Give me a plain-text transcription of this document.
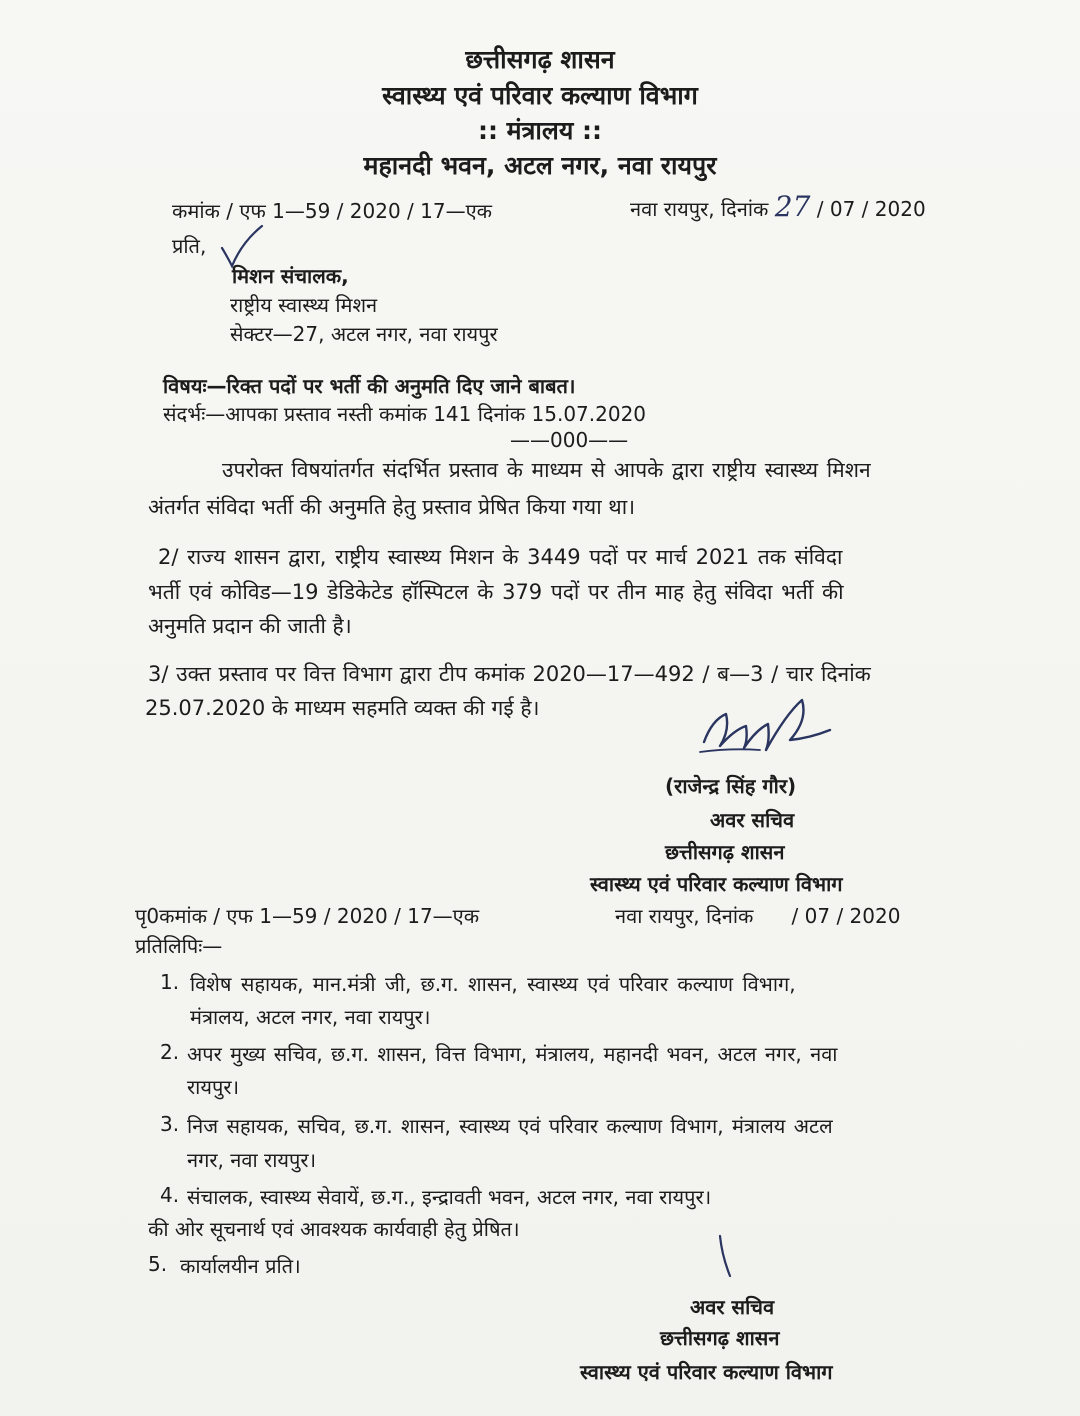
छत्तीसगढ़ शासन
स्वास्थ्य एवं परिवार कल्याण विभाग
:: मंत्रालय ::
महानदी भवन, अटल नगर, नवा रायपुर
कमांक / एफ 1—59 / 2020 / 17—एक	नवा रायपुर, दिनांक 27 / 07 / 2020
प्रति,
मिशन संचालक,
राष्ट्रीय स्वास्थ्य मिशन
सेक्टर—27, अटल नगर, नवा रायपुर
विषयः—रिक्त पदों पर भर्ती की अनुमति दिए जाने बाबत।
संदर्भः—आपका प्रस्ताव नस्ती कमांक 141 दिनांक 15.07.2020
——000——
उपरोक्त विषयांतर्गत संदर्भित प्रस्ताव के माध्यम से आपके द्वारा राष्ट्रीय स्वास्थ्य मिशन
अंतर्गत संविदा भर्ती की अनुमति हेतु प्रस्ताव प्रेषित किया गया था।
2/ राज्य शासन द्वारा, राष्ट्रीय स्वास्थ्य मिशन के 3449 पदों पर मार्च 2021 तक संविदा
भर्ती एवं कोविड—19 डेडिकेटेड हॉस्पिटल के 379 पदों पर तीन माह हेतु संविदा भर्ती की
अनुमति प्रदान की जाती है।
3/ उक्त प्रस्ताव पर वित्त विभाग द्वारा टीप कमांक 2020—17—492 / ब—3 / चार दिनांक
25.07.2020 के माध्यम सहमति व्यक्त की गई है।
(राजेन्द्र सिंह गौर)
अवर सचिव
छत्तीसगढ़ शासन
स्वास्थ्य एवं परिवार कल्याण विभाग
पृ0कमांक / एफ 1—59 / 2020 / 17—एक	नवा रायपुर, दिनांक      / 07 / 2020
प्रतिलिपिः—
1. विशेष सहायक, मान.मंत्री जी, छ.ग. शासन, स्वास्थ्य एवं परिवार कल्याण विभाग,
मंत्रालय, अटल नगर, नवा रायपुर।
2. अपर मुख्य सचिव, छ.ग. शासन, वित्त विभाग, मंत्रालय, महानदी भवन, अटल नगर, नवा
रायपुर।
3. निज सहायक, सचिव, छ.ग. शासन, स्वास्थ्य एवं परिवार कल्याण विभाग, मंत्रालय अटल
नगर, नवा रायपुर।
4. संचालक, स्वास्थ्य सेवायें, छ.ग., इन्द्रावती भवन, अटल नगर, नवा रायपुर।
की ओर सूचनार्थ एवं आवश्यक कार्यवाही हेतु प्रेषित।
5. कार्यालयीन प्रति।
अवर सचिव
छत्तीसगढ़ शासन
स्वास्थ्य एवं परिवार कल्याण विभाग
